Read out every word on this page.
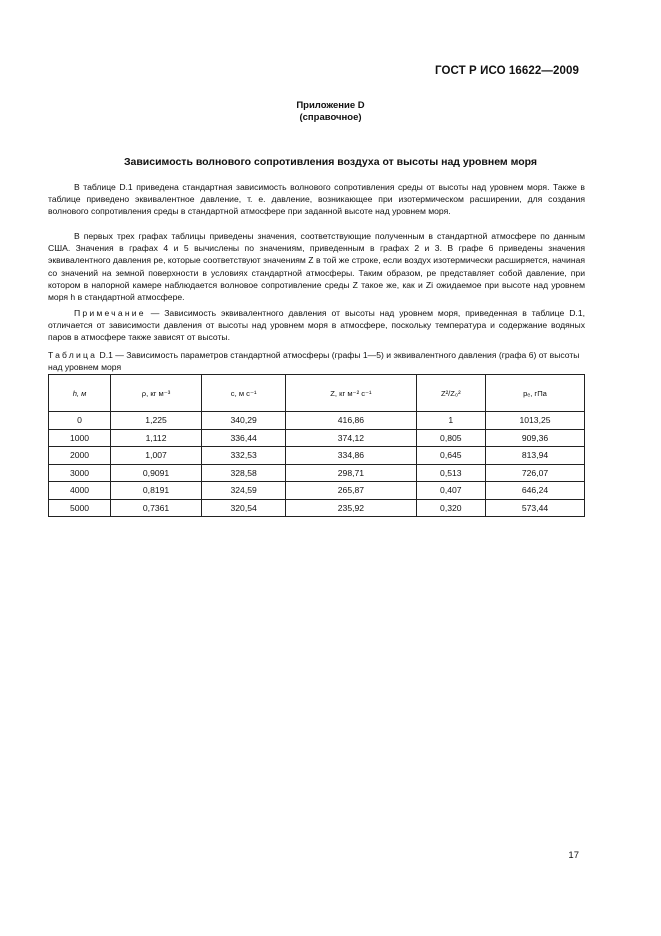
ГОСТ Р ИСО 16622—2009
Приложение D
(справочное)
Зависимость волнового сопротивления воздуха от высоты над уровнем моря

В таблице D.1 приведена стандартная зависимость волнового сопротивления среды от высоты над уровнем моря. Также в таблице приведено эквивалентное давление, т. е. давление, возникающее при изотермическом расширении, для создания волнового сопротивления среды в стандартной атмосфере при заданной высоте над уровнем моря.

В первых трех графах таблицы приведены значения, соответствующие полученным в стандартной атмосфере по данным США. Значения в графах 4 и 5 вычислены по значениям, приведенным в графах 2 и 3. В графе 6 приведены значения эквивалентного давления pe, которые соответствуют значениям Z в той же строке, если воздух изотермически расширяется, начиная со значений на земной поверхности в условиях стандартной атмосферы. Таким образом, pe представляет собой давление, при котором в напорной камере наблюдается волновое сопротивление среды Z такое же, как и Zi ожидаемое при высоте над уровнем моря h в стандартной атмосфере.

Примечание — Зависимость эквивалентного давления от высоты над уровнем моря, приведенная в таблице D.1, отличается от зависимости давления от высоты над уровнем моря в атмосфере, поскольку температура и содержание водяных паров в атмосфере также зависят от высоты.

Таблица D.1 — Зависимость параметров стандартной атмосферы (графы 1—5) и эквивалентного давления (графа 6) от высоты над уровнем моря

h, м	ρ, кг м⁻³	c, м с⁻¹	Z, кг м⁻² с⁻¹	Z²/Z₀²	pₑ, гПа
0	1,225	340,29	416,86	1	1013,25
1000	1,112	336,44	374,12	0,805	909,36
2000	1,007	332,53	334,86	0,645	813,94
3000	0,9091	328,58	298,71	0,513	726,07
4000	0,8191	324,59	265,87	0,407	646,24
5000	0,7361	320,54	235,92	0,320	573,44
17
